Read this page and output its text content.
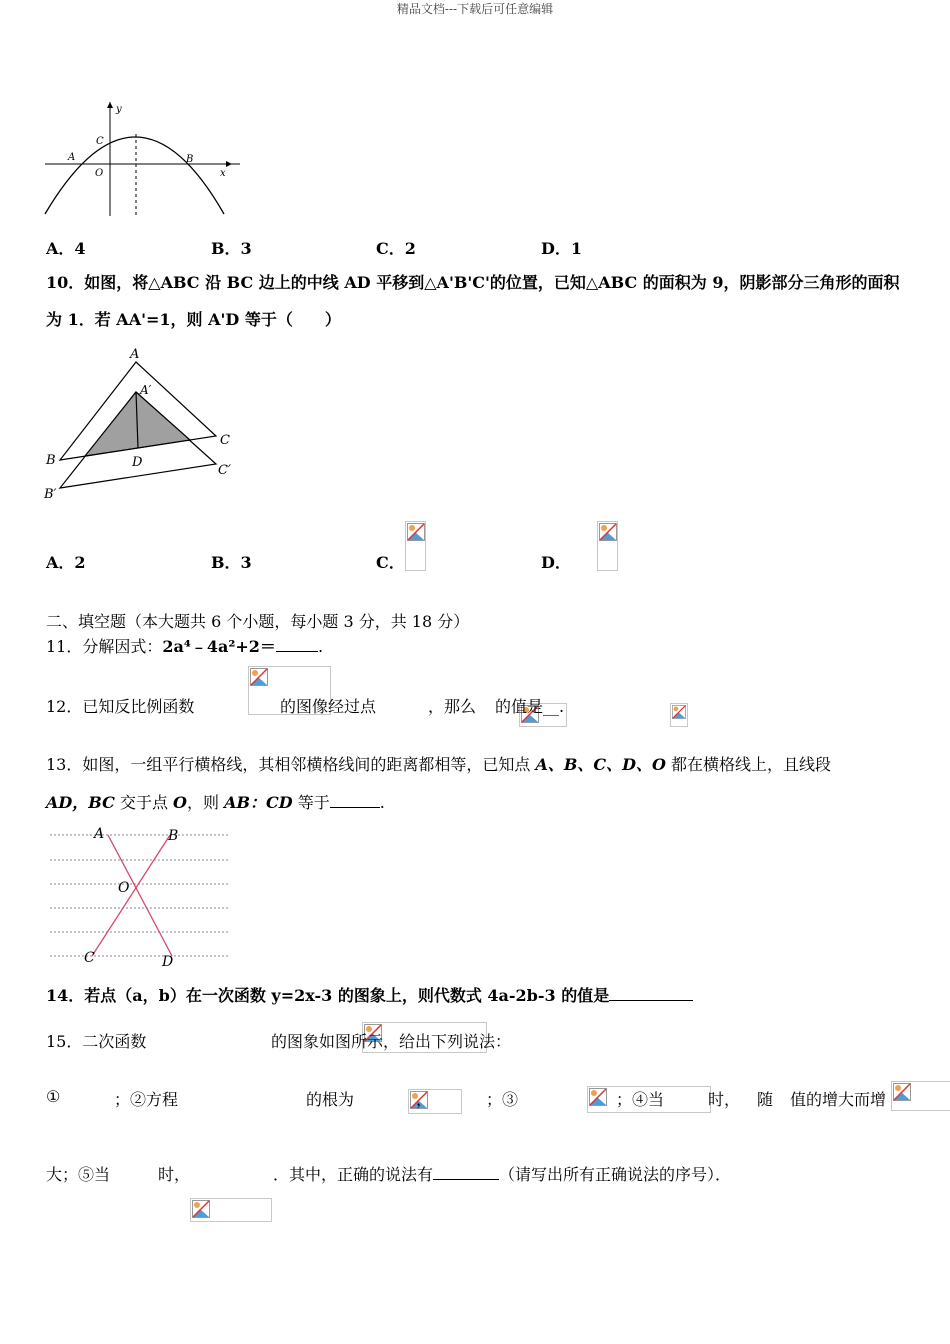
精品文档---下载后可任意编辑
y
C
A
O
B
x
A．4	B．3	C．2	D．1
10．如图，将△ABC 沿 BC 边上的中线 AD 平移到△A'B'C'的位置，已知△ABC 的面积为 9，阴影部分三角形的面积
为 1．若 AA'=1，则 A'D 等于（　　）
A
A′
B	D
C
B′
C′
A．2	B．3	C．
	D．

二、填空题（本大题共 6 个小题，每小题 3 分，共 18 分）
11．分解因式：2a⁴﹣4a²+2＝	.
12．已知反比例函数
	的图像经过点
	，那么
的值是__.
13．如图，一组平行横格线，其相邻横格线间的距离都相等，已知点 A、B、C、D、O 都在横格线上，且线段
AD，BC 交于点 O，则 AB：CD 等于	.
A	B
O
C	D
14．若点（a，b）在一次函数 y=2x-3 的图象上，则代数式 4a-2b-3 的值是
15．二次函数
	的图象如图所示，给出下列说法：
①
	；②方程
	的根为
	，
	；③
	；④当
	时，
随
值的增大而增
大；⑤当
	时，	．其中，正确的说法有	（请写出所有正确说法的序号）．
